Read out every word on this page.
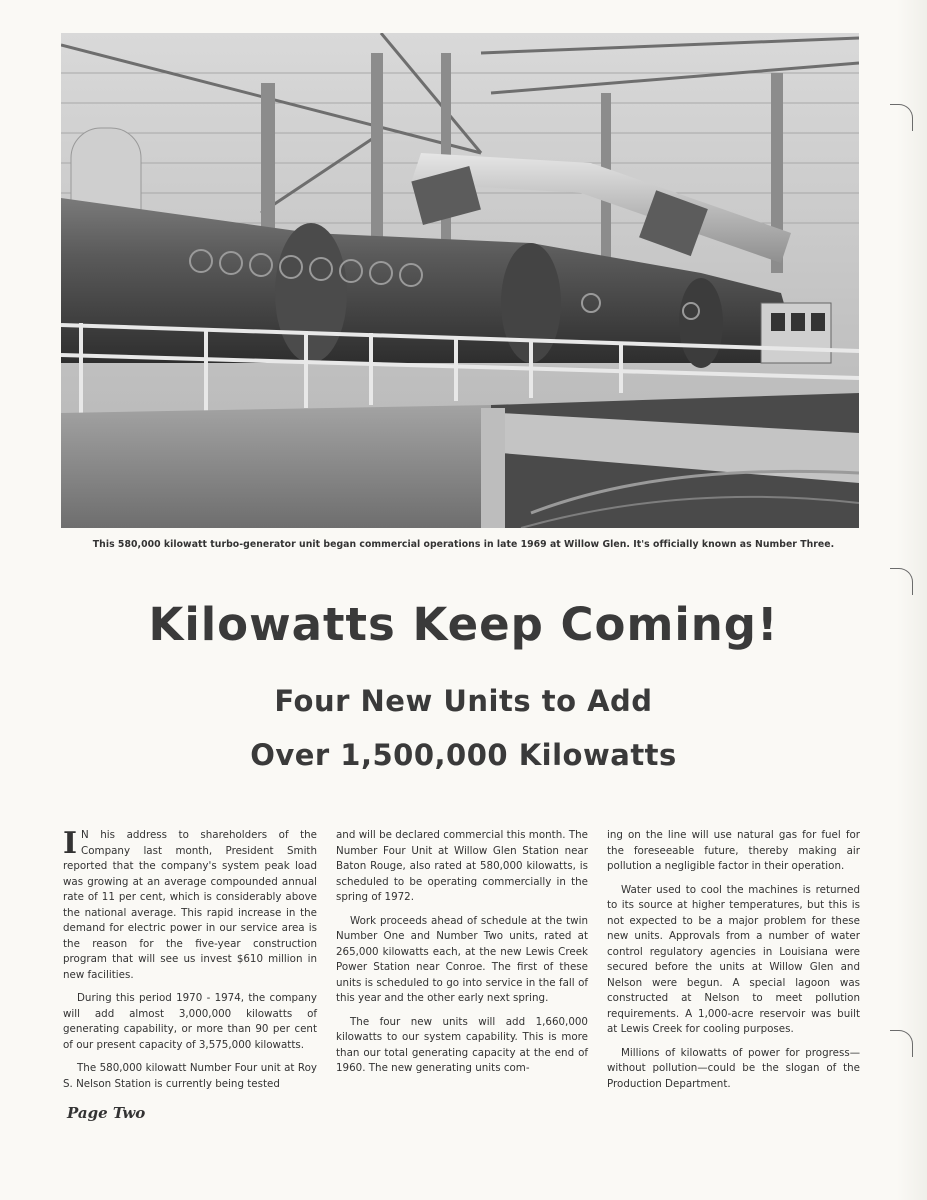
This 580,000 kilowatt turbo-generator unit began commercial operations in late 1969 at Willow Glen. It's officially known as Number Three.
Kilowatts Keep Coming!
Four New Units to Add
Over 1,500,000 Kilowatts

I N his address to shareholders of the Company last month, President Smith reported that the company's system peak load was growing at an average compounded annual rate of 11 per cent, which is considerably above the national average. This rapid increase in the demand for electric power in our service area is the reason for the five-year construction program that will see us invest $610 million in new facilities.

During this period 1970 - 1974, the company will add almost 3,000,000 kilowatts of generating capability, or more than 90 per cent of our present capacity of 3,575,000 kilowatts.

The 580,000 kilowatt Number Four unit at Roy S. Nelson Station is currently being tested

and will be declared commercial this month. The Number Four Unit at Willow Glen Station near Baton Rouge, also rated at 580,000 kilowatts, is scheduled to be operating commercially in the spring of 1972.

Work proceeds ahead of schedule at the twin Number One and Number Two units, rated at 265,000 kilowatts each, at the new Lewis Creek Power Station near Conroe. The first of these units is scheduled to go into service in the fall of this year and the other early next spring.

The four new units will add 1,660,000 kilowatts to our system capability. This is more than our total generating capacity at the end of 1960. The new generating units com-

ing on the line will use natural gas for fuel for the foreseeable future, thereby making air pollution a negligible factor in their operation.

Water used to cool the machines is returned to its source at higher temperatures, but this is not expected to be a major problem for these new units. Approvals from a number of water control regulatory agencies in Louisiana were secured before the units at Willow Glen and Nelson were begun. A special lagoon was constructed at Nelson to meet pollution requirements. A 1,000-acre reservoir was built at Lewis Creek for cooling purposes.

Millions of kilowatts of power for progress—without pollution—could be the slogan of the Production Department.

Page Two
